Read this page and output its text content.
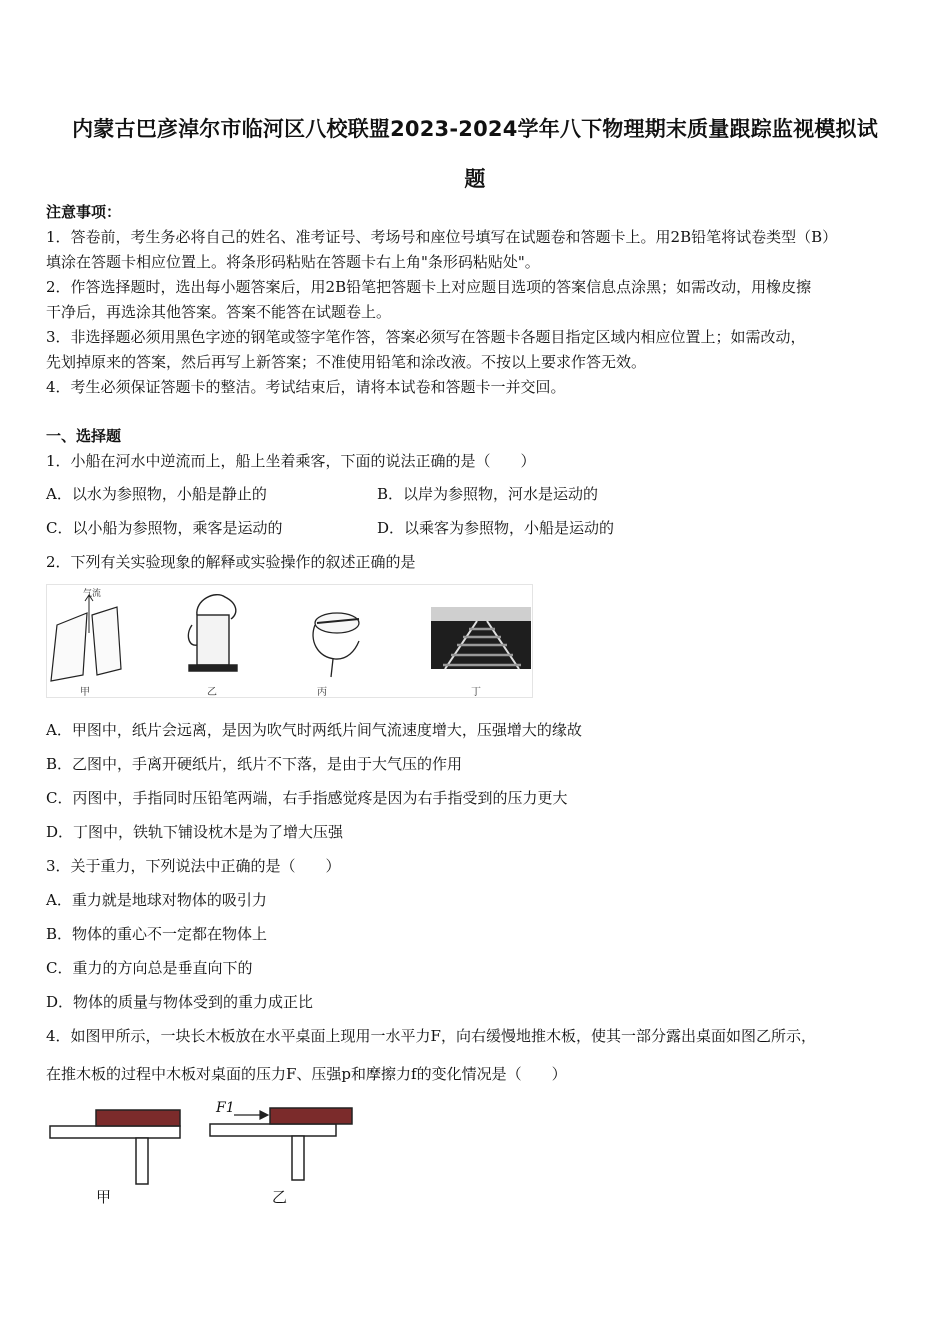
内蒙古巴彦淖尔市临河区八校联盟2023-2024学年八下物理期末质量跟踪监视模拟试
题
注意事项：
1．答卷前，考生务必将自己的姓名、准考证号、考场号和座位号填写在试题卷和答题卡上。用2B铅笔将试卷类型（B）
填涂在答题卡相应位置上。将条形码粘贴在答题卡右上角"条形码粘贴处"。
2．作答选择题时，选出每小题答案后，用2B铅笔把答题卡上对应题目选项的答案信息点涂黑；如需改动，用橡皮擦
干净后，再选涂其他答案。答案不能答在试题卷上。
3．非选择题必须用黑色字迹的钢笔或签字笔作答，答案必须写在答题卡各题目指定区域内相应位置上；如需改动，
先划掉原来的答案，然后再写上新答案；不准使用铅笔和涂改液。不按以上要求作答无效。
4．考生必须保证答题卡的整洁。考试结束后，请将本试卷和答题卡一并交回。
一、选择题
1．小船在河水中逆流而上，船上坐着乘客，下面的说法正确的是（　　）
A．以水为参照物，小船是静止的	B．以岸为参照物，河水是运动的
C．以小船为参照物，乘客是运动的	D．以乘客为参照物，小船是运动的
2．下列有关实验现象的解释或实验操作的叙述正确的是
气流
甲	乙	丙	丁
A．甲图中，纸片会远离，是因为吹气时两纸片间气流速度增大，压强增大的缘故
B．乙图中，手离开硬纸片，纸片不下落，是由于大气压的作用
C．丙图中，手指同时压铅笔两端，右手指感觉疼是因为右手指受到的压力更大
D．丁图中，铁轨下铺设枕木是为了增大压强
3．关于重力，下列说法中正确的是（　　）
A．重力就是地球对物体的吸引力
B．物体的重心不一定都在物体上
C．重力的方向总是垂直向下的
D．物体的质量与物体受到的重力成正比
4．如图甲所示，一块长木板放在水平桌面上现用一水平力F，向右缓慢地推木板，使其一部分露出桌面如图乙所示，
在推木板的过程中木板对桌面的压力F、压强p和摩擦力f的变化情况是（　　）
F1
甲	乙
